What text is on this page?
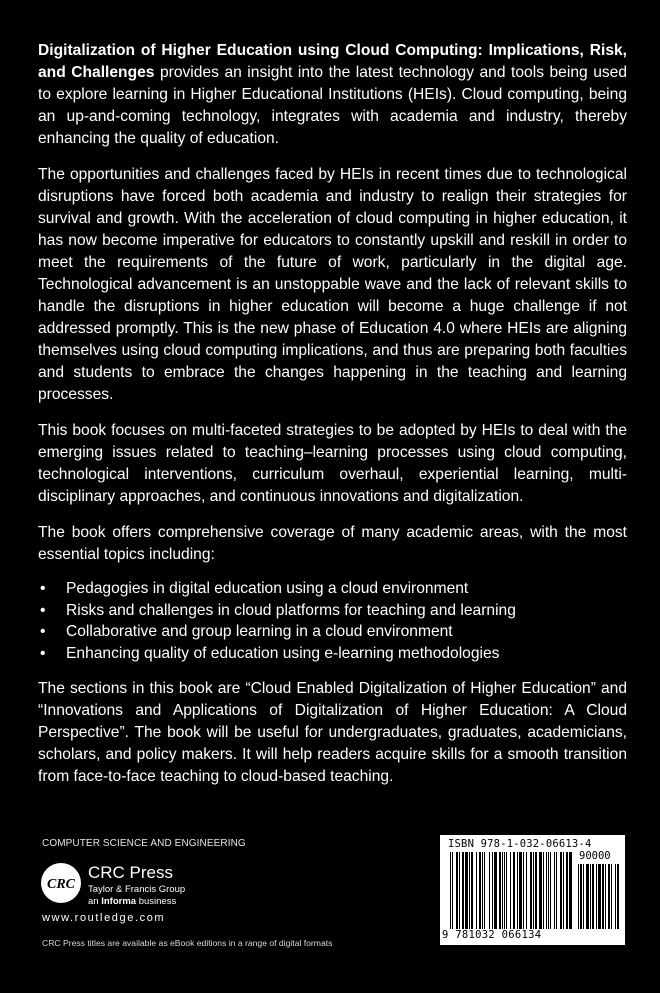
Digitalization of Higher Education using Cloud Computing: Implications, Risk, and Challenges provides an insight into the latest technology and tools being used to explore learning in Higher Educational Institutions (HEIs). Cloud computing, being an up-and-coming technology, integrates with academia and industry, thereby enhancing the quality of education.

The opportunities and challenges faced by HEIs in recent times due to technological disruptions have forced both academia and industry to realign their strategies for survival and growth. With the acceleration of cloud computing in higher education, it has now become imperative for educators to constantly upskill and reskill in order to meet the requirements of the future of work, particularly in the digital age. Technological advancement is an unstoppable wave and the lack of relevant skills to handle the disruptions in higher education will become a huge challenge if not addressed promptly. This is the new phase of Education 4.0 where HEIs are aligning themselves using cloud computing implications, and thus are preparing both faculties and students to embrace the changes happening in the teaching and learning processes.

This book focuses on multi-faceted strategies to be adopted by HEIs to deal with the emerging issues related to teaching–learning processes using cloud computing, technological interventions, curriculum overhaul, experiential learning, multi-disciplinary approaches, and continuous innovations and digitalization.

The book offers comprehensive coverage of many academic areas, with the most essential topics including:

• Pedagogies in digital education using a cloud environment
• Risks and challenges in cloud platforms for teaching and learning
• Collaborative and group learning in a cloud environment
• Enhancing quality of education using e-learning methodologies

The sections in this book are “Cloud Enabled Digitalization of Higher Education” and “Innovations and Applications of Digitalization of Higher Education: A Cloud Perspective”. The book will be useful for undergraduates, graduates, academicians, scholars, and policy makers. It will help readers acquire skills for a smooth transition from face-to-face teaching to cloud-based teaching.

COMPUTER SCIENCE AND ENGINEERING
CRC
CRC Press
Taylor & Francis Group
an Informa business
www.routledge.com
CRC Press titles are available as eBook editions in a range of digital formats
ISBN 978-1-032-06613-4
90000
9 781032 066134
